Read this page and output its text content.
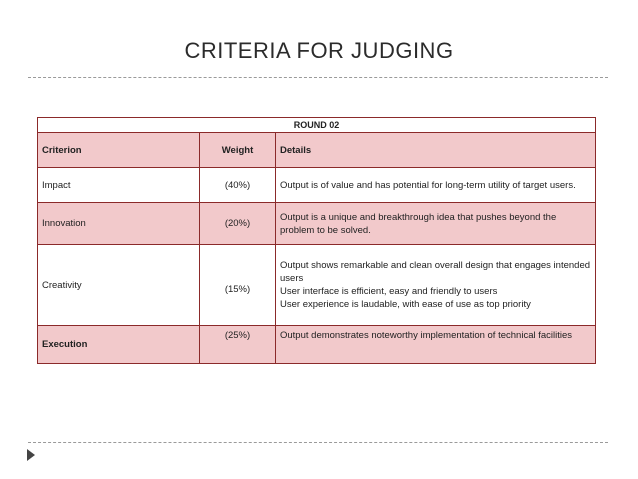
CRITERIA FOR JUDGING
ROUND 02		
Criterion	Weight	Details
Impact	(40%)	Output is of value and has potential for long-term utility of target users.

Innovation	(20%)	Output is a unique and breakthrough idea that pushes beyond the problem to be solved.

Creativity	(15%)	Output shows remarkable and clean overall design that engages intended users
User interface is efficient, easy and friendly to users
User experience is laudable, with ease of use as top priority

Execution	(25%)	Output demonstrates noteworthy implementation of technical facilities
